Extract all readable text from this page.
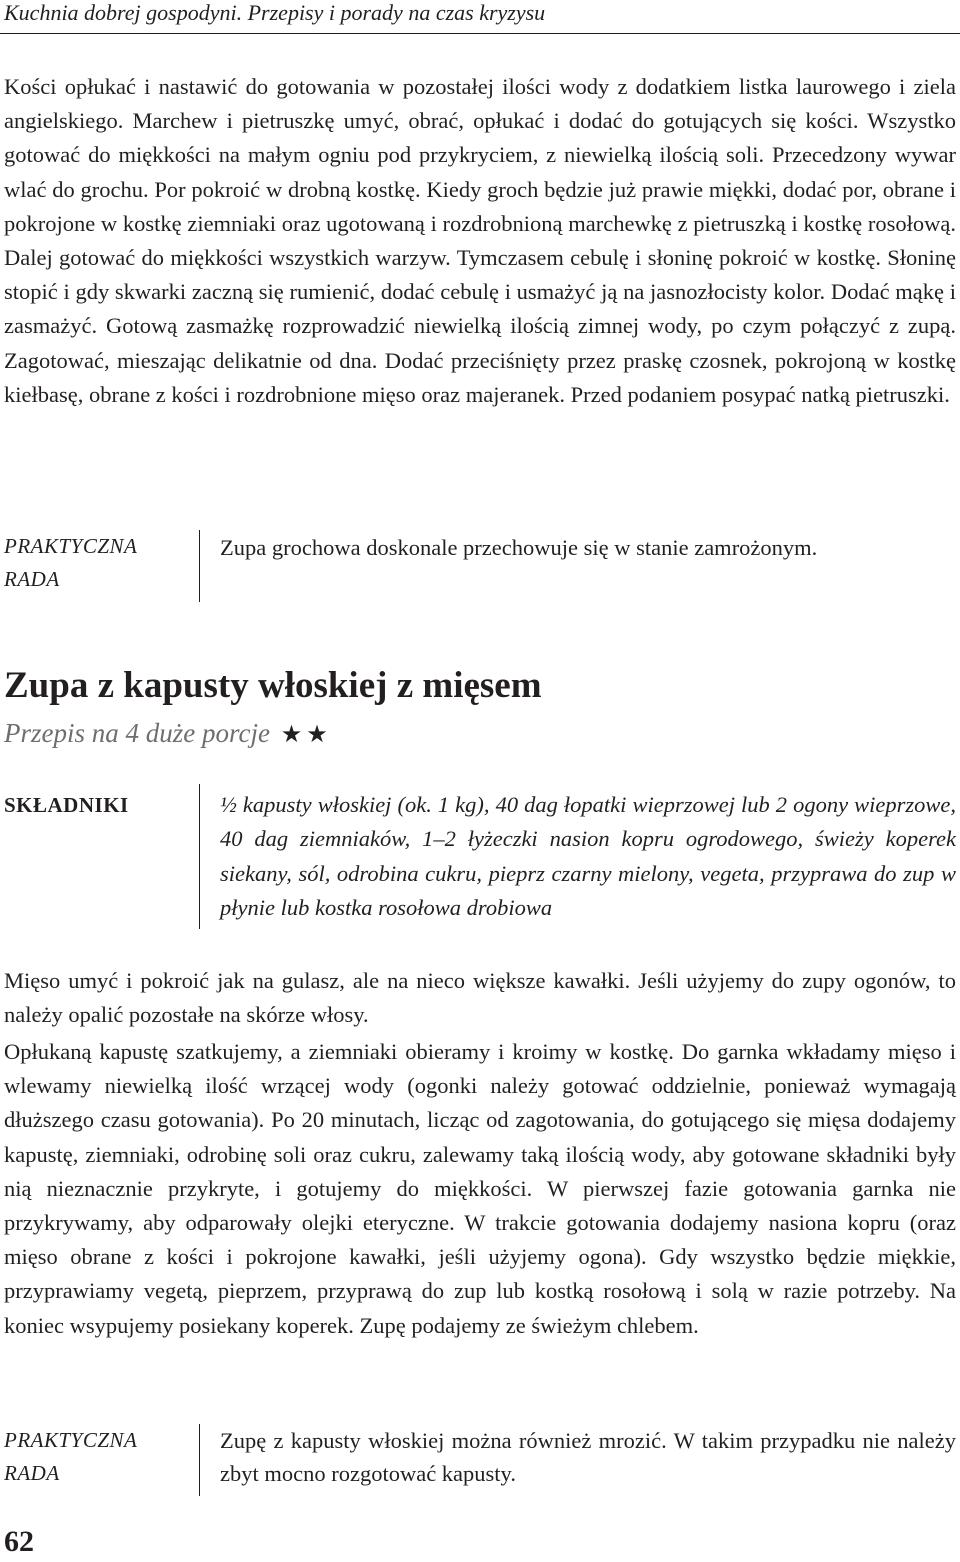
Kuchnia dobrej gospodyni. Przepisy i porady na czas kryzysu

Kości opłukać i nastawić do gotowania w pozostałej ilości wody z dodatkiem listka laurowego i ziela angielskiego. Marchew i pietruszkę umyć, obrać, opłukać i dodać do gotujących się kości. Wszystko gotować do miękkości na małym ogniu pod przykryciem, z niewielką ilością soli. Przecedzony wywar wlać do grochu. Por pokroić w drobną kostkę. Kiedy groch będzie już prawie miękki, dodać por, obrane i pokrojone w kostkę ziemniaki oraz ugotowaną i rozdrobnioną marchewkę z pietruszką i kostkę rosołową. Dalej gotować do miękkości wszystkich warzyw. Tymczasem cebulę i słoninę pokroić w kostkę. Słoninę stopić i gdy skwarki zaczną się rumienić, dodać cebulę i usmażyć ją na jasnozłocisty kolor. Dodać mąkę i zasmażyć. Gotową zasmażkę rozprowadzić niewielką ilością zimnej wody, po czym połączyć z zupą. Zagotować, mieszając delikatnie od dna. Dodać przeciśnięty przez praskę czosnek, pokrojoną w kostkę kiełbasę, obrane z kości i rozdrobnione mięso oraz majeranek. Przed podaniem posypać natką pietruszki.

PRAKTYCZNA
RADA

Zupa grochowa doskonale przechowuje się w stanie zamrożonym.

Zupa z kapusty włoskiej z mięsem
Przepis na 4 duże porcje ★★
SKŁADNIKI	½ kapusty włoskiej (ok. 1 kg), 40 dag łopatki wieprzowej lub 2 ogony wieprzowe, 40 dag ziemniaków, 1–2 łyżeczki nasion kopru ogrodowego, świeży koperek siekany, sól, odrobina cukru, pieprz czarny mielony, vegeta, przyprawa do zup w płynie lub kostka rosołowa drobiowa

Mięso umyć i pokroić jak na gulasz, ale na nieco większe kawałki. Jeśli użyjemy do zupy ogonów, to należy opalić pozostałe na skórze włosy.

Opłukaną kapustę szatkujemy, a ziemniaki obieramy i kroimy w kostkę. Do garnka wkładamy mięso i wlewamy niewielką ilość wrzącej wody (ogonki należy gotować oddzielnie, ponieważ wymagają dłuższego czasu gotowania). Po 20 minutach, licząc od zagotowania, do gotującego się mięsa dodajemy kapustę, ziemniaki, odrobinę soli oraz cukru, zalewamy taką ilością wody, aby gotowane składniki były nią nieznacznie przykryte, i gotujemy do miękkości. W pierwszej fazie gotowania garnka nie przykrywamy, aby odparowały olejki eteryczne. W trakcie gotowania dodajemy nasiona kopru (oraz mięso obrane z kości i pokrojone kawałki, jeśli użyjemy ogona). Gdy wszystko będzie miękkie, przyprawiamy vegetą, pieprzem, przyprawą do zup lub kostką rosołową i solą w razie potrzeby. Na koniec wsypujemy posiekany koperek. Zupę podajemy ze świeżym chlebem.

PRAKTYCZNA
RADA

Zupę z kapusty włoskiej można również mrozić. W takim przypadku nie należy zbyt mocno rozgotować kapusty.

62
